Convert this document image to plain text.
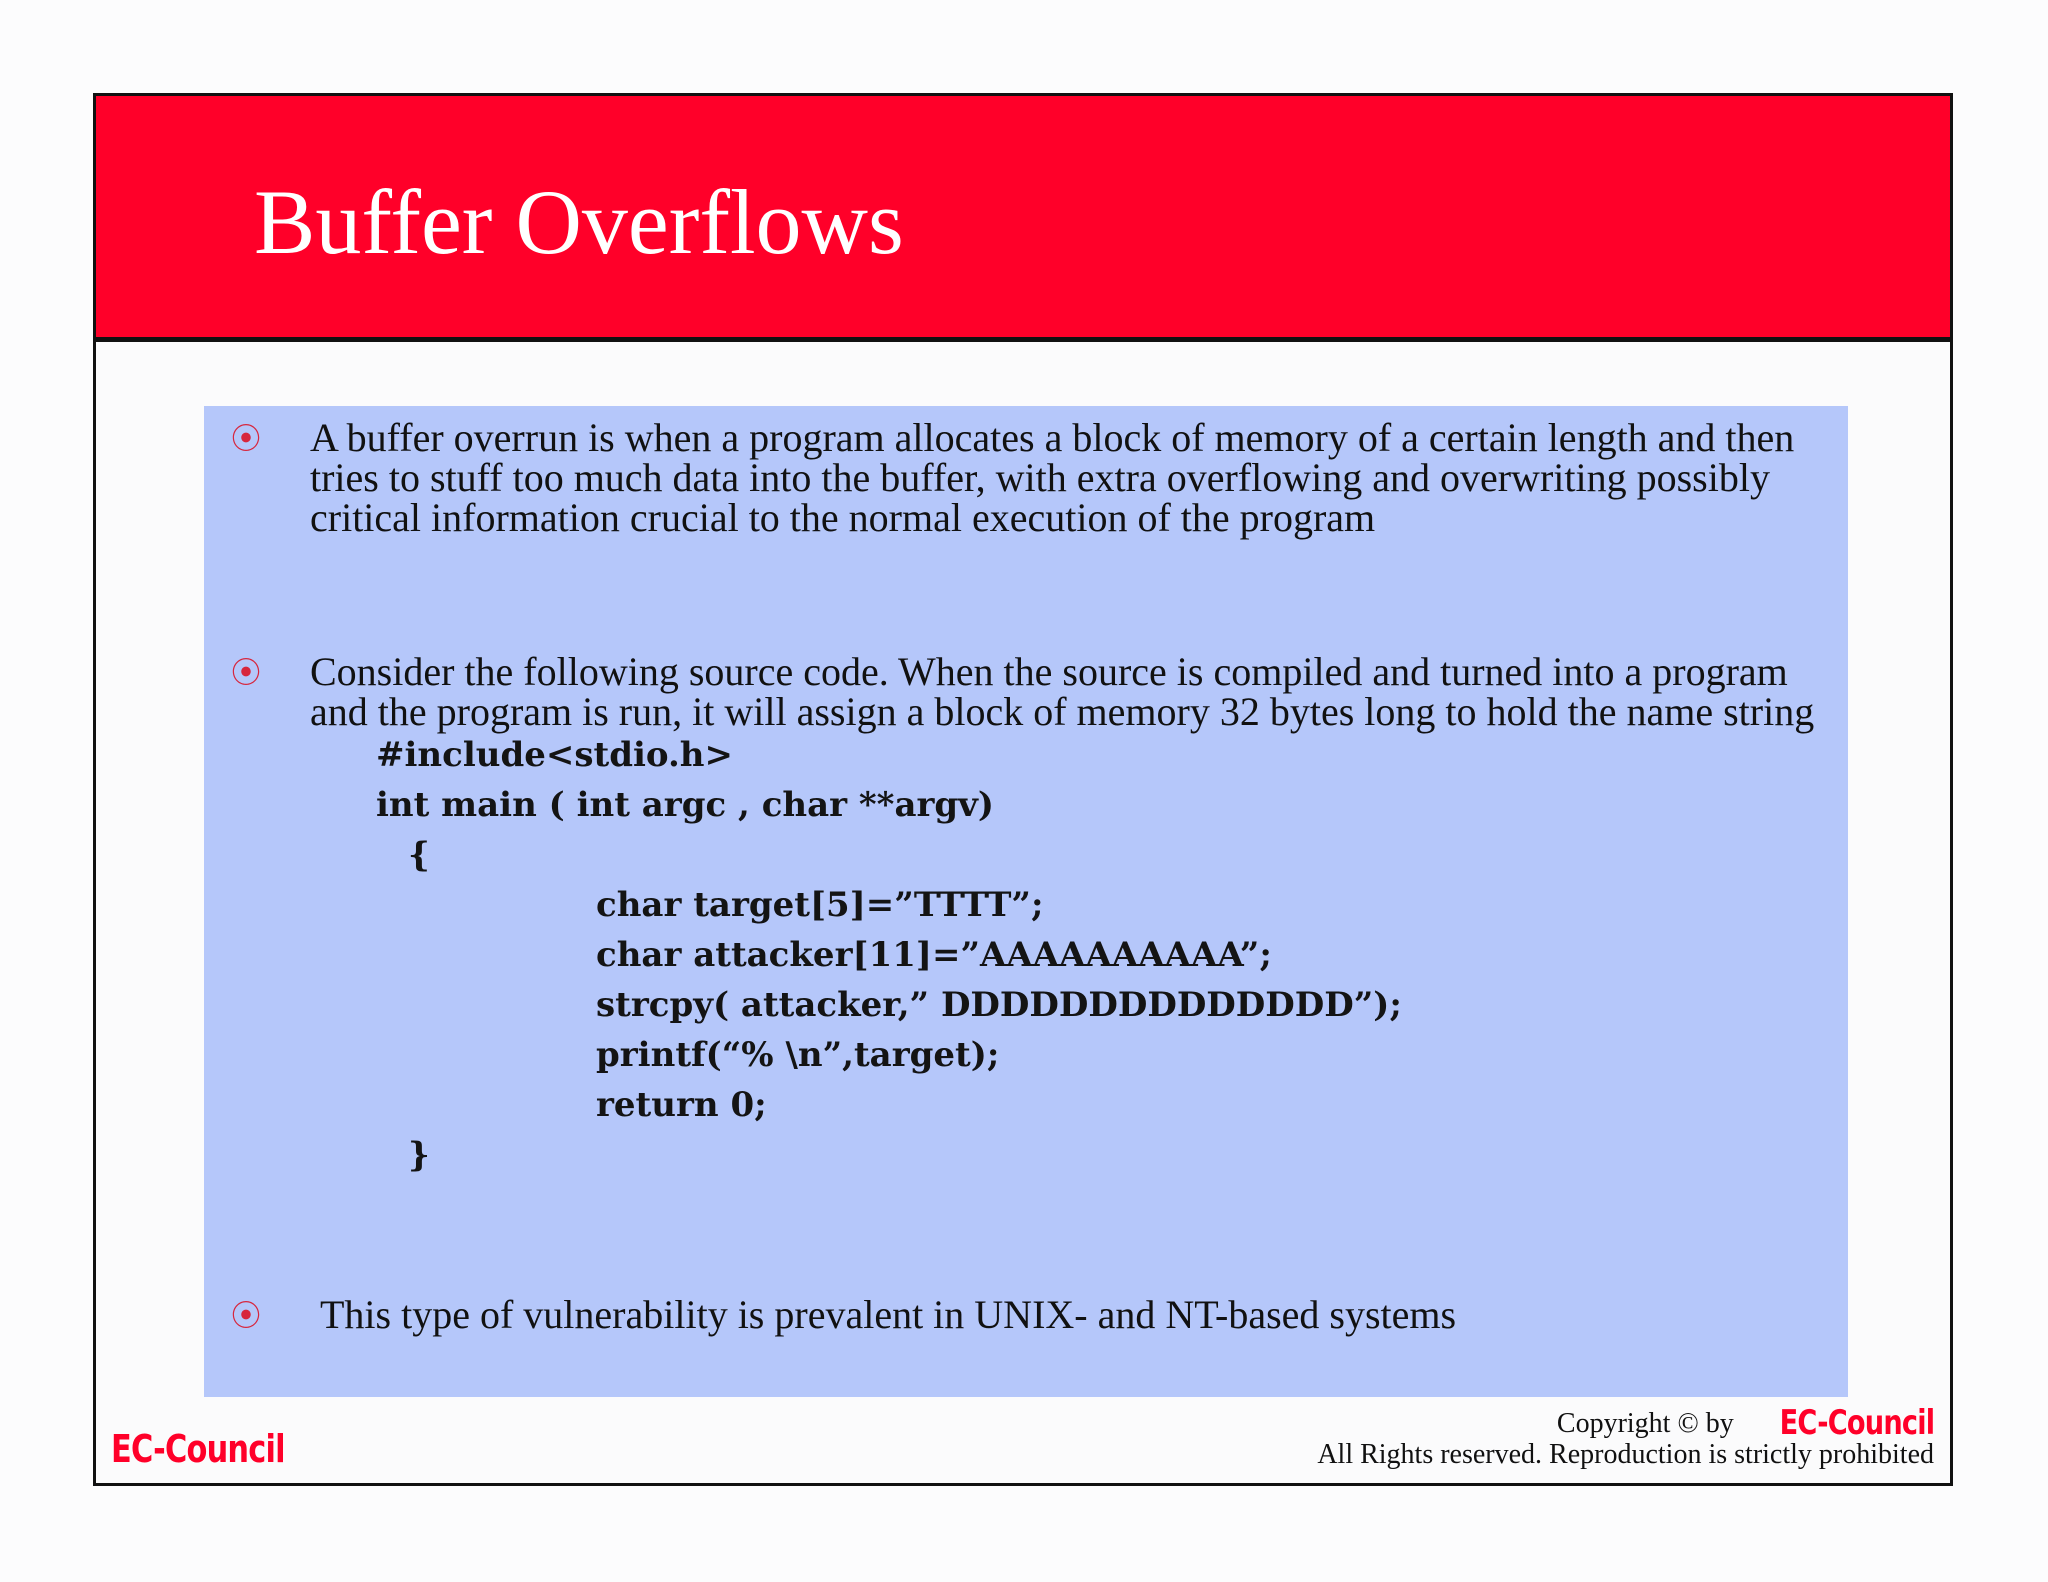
Buffer Overflows
⦿ A buffer overrun is when a program allocates a block of memory of a certain length and then tries to stuff too much data into the buffer, with extra overflowing and overwriting possibly critical information crucial to the normal execution of the program
⦿ Consider the following source code. When the source is compiled and turned into a program and the program is run, it will assign a block of memory 32 bytes long to hold the name string
#include<stdio.h>
int main ( int argc , char **argv)
{
char target[5]=”TTTT”;
char attacker[11]=”AAAAAAAAAA”;
strcpy( attacker,” DDDDDDDDDDDDDD”);
printf(“% \n”,target);
return 0;
}
⦿ This type of vulnerability is prevalent in UNIX- and NT-based systems
EC-Council
Copyright © by EC-Council
All Rights reserved. Reproduction is strictly prohibited
